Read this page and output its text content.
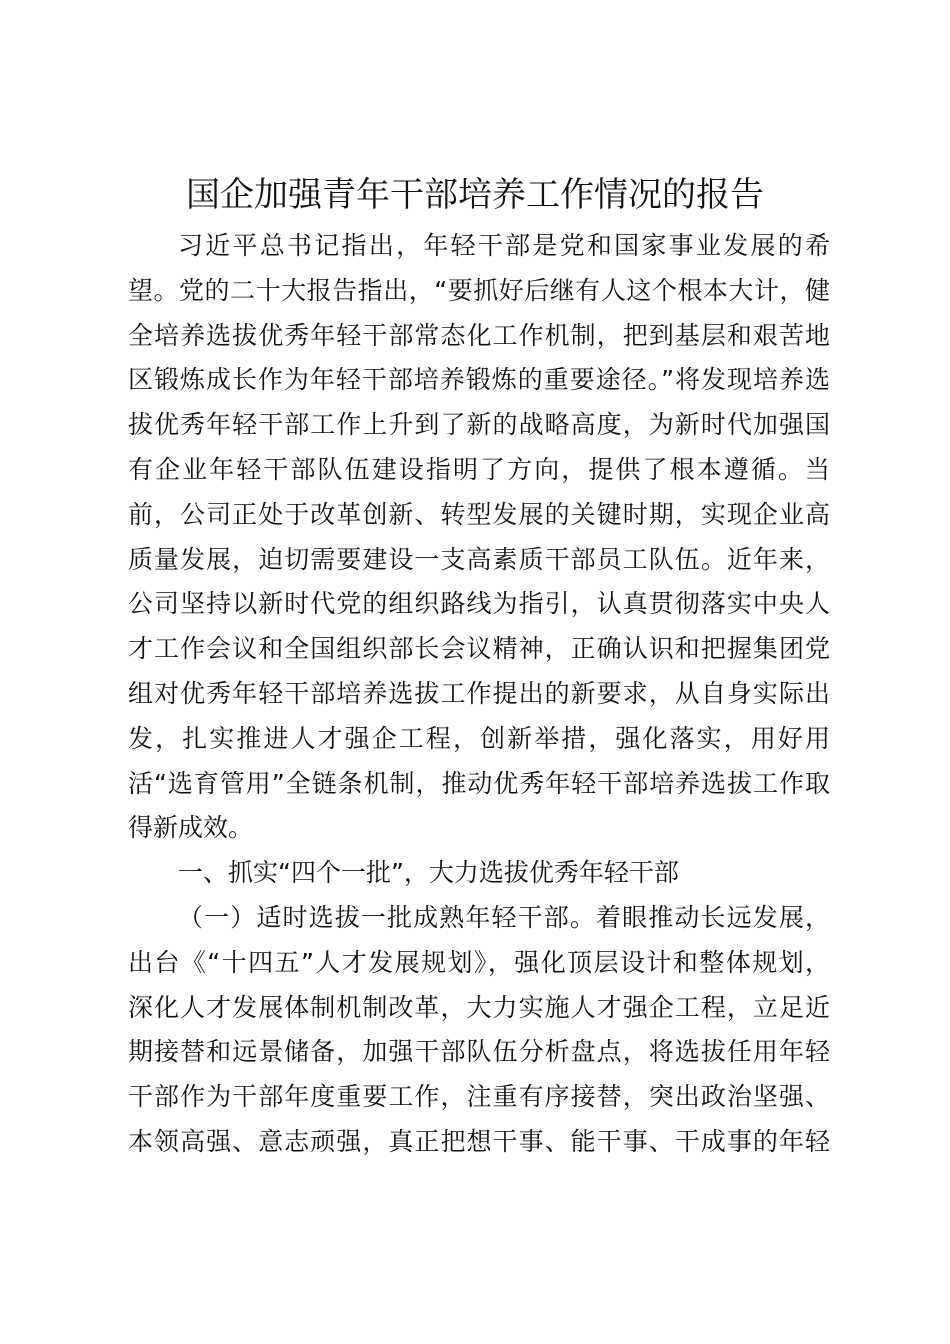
国企加强青年干部培养工作情况的报告
习近平总书记指出，年轻干部是党和国家事业发展的希
望。党的二十大报告指出，“要抓好后继有人这个根本大计，健
全培养选拔优秀年轻干部常态化工作机制，把到基层和艰苦地
区锻炼成长作为年轻干部培养锻炼的重要途径。”将发现培养选
拔优秀年轻干部工作上升到了新的战略高度，为新时代加强国
有企业年轻干部队伍建设指明了方向，提供了根本遵循。当
前，公司正处于改革创新、转型发展的关键时期，实现企业高
质量发展，迫切需要建设一支高素质干部员工队伍。近年来，
公司坚持以新时代党的组织路线为指引，认真贯彻落实中央人
才工作会议和全国组织部长会议精神，正确认识和把握集团党
组对优秀年轻干部培养选拔工作提出的新要求，从自身实际出
发，扎实推进人才强企工程，创新举措，强化落实，用好用
活“选育管用”全链条机制，推动优秀年轻干部培养选拔工作取
得新成效。
一、抓实“四个一批”，大力选拔优秀年轻干部
（一）适时选拔一批成熟年轻干部。着眼推动长远发展，
出台《“十四五”人才发展规划》，强化顶层设计和整体规划，
深化人才发展体制机制改革，大力实施人才强企工程，立足近
期接替和远景储备，加强干部队伍分析盘点，将选拔任用年轻
干部作为干部年度重要工作，注重有序接替，突出政治坚强、
本领高强、意志顽强，真正把想干事、能干事、干成事的年轻
